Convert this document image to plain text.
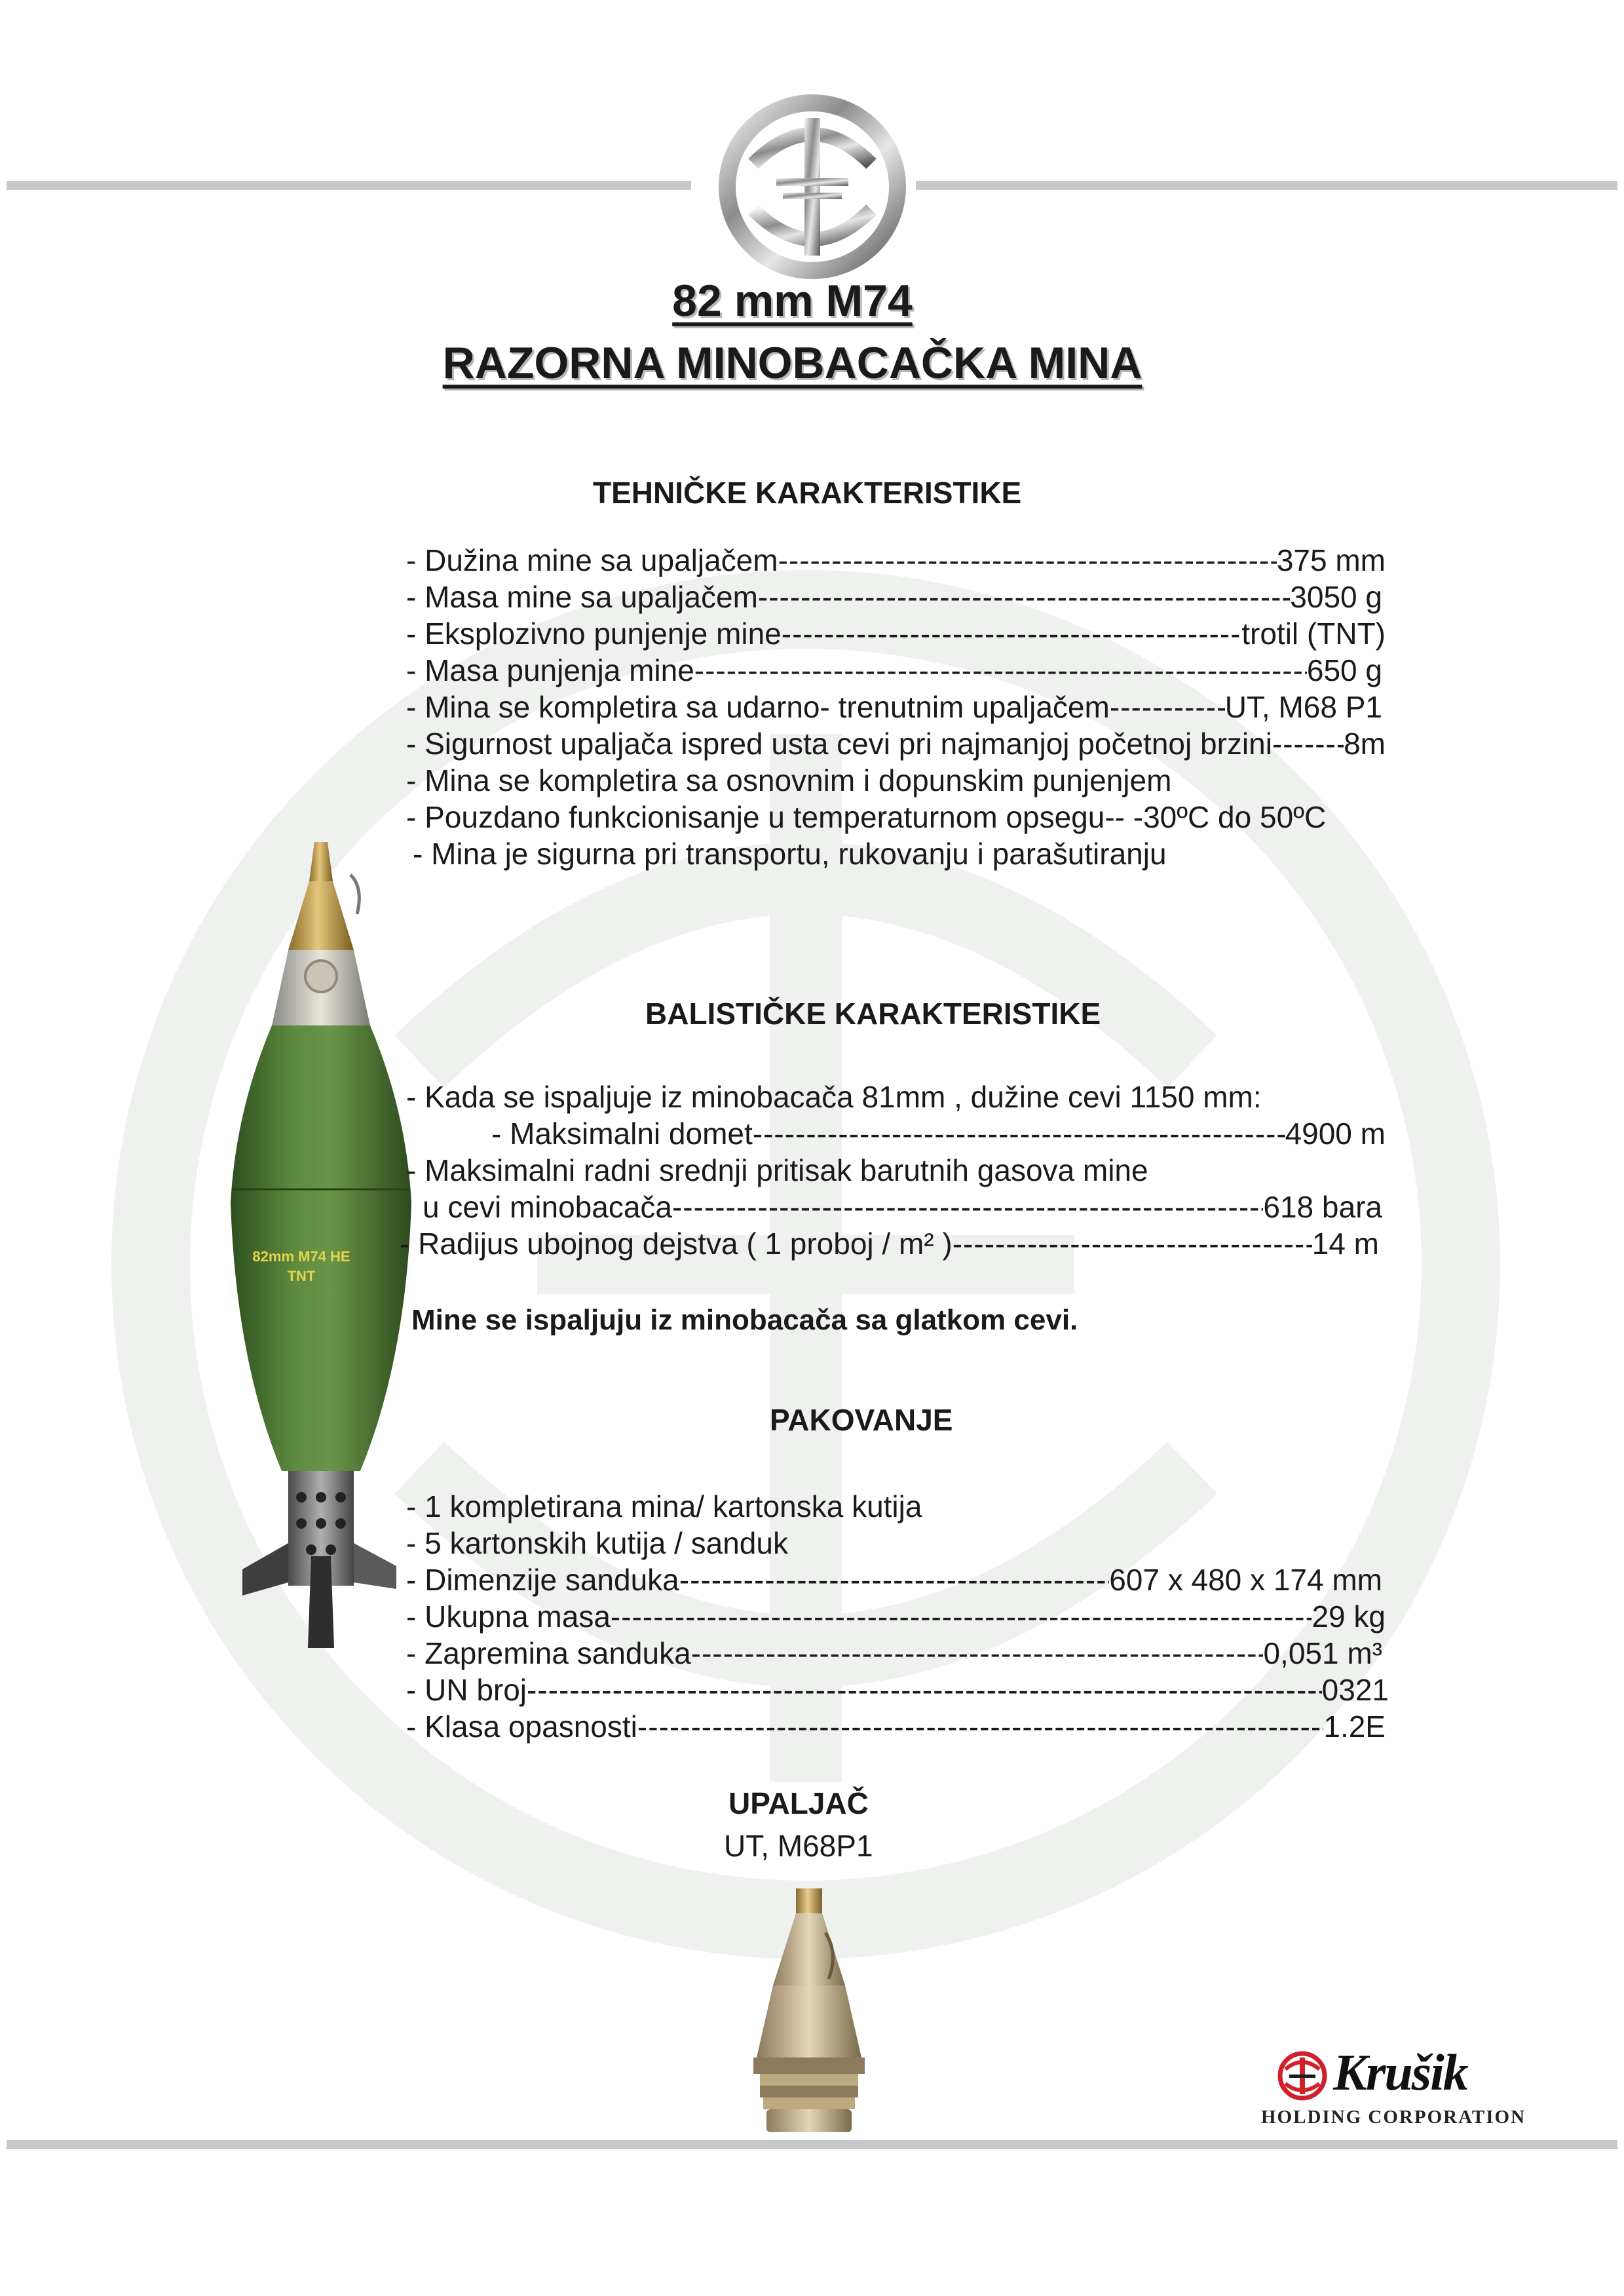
82 mm M74
RAZORNA MINOBACAČKA MINA
82mm M74 HE
TNT
TEHNIČKE KARAKTERISTIKE
- Dužina mine sa upaljačem -----	375 mm
- Masa mine sa upaljačem -----	3050 g
- Eksplozivno punjenje mine -----	trotil (TNT)
- Masa punjenja mine -----	650 g
- Mina se kompletira sa udarno- trenutnim upaljačem -----	UT, M68 P1
- Sigurnost upaljača ispred usta cevi pri najmanjoj početnoj brzini ----- 8m
- Mina se kompletira sa osnovnim i dopunskim punjenjem
- Pouzdano funkcionisanje u temperaturnom opsegu-- -30ºC do 50ºC
- Mina je sigurna pri transportu, rukovanju i parašutiranju
BALISTIČKE KARAKTERISTIKE
- Kada se ispaljuje iz minobacača 81mm , dužine cevi 1150 mm:
- Maksimalni domet -----	4900 m
- Maksimalni radni srednji pritisak barutnih gasova mine
u cevi minobacača -----	618 bara
- Radijus ubojnog dejstva ( 1 proboj / m² ) -----	14 m
Mine se ispaljuju iz minobacača sa glatkom cevi.
PAKOVANJE
- 1 kompletirana mina/ kartonska kutija
- 5 kartonskih kutija / sanduk
- Dimenzije sanduka -----	607 x 480 x 174 mm
- Ukupna masa -----	29 kg
- Zapremina sanduka -----	0,051 m³
- UN broj -----	0321
- Klasa opasnosti -----	1.2E
UPALJAČ
UT, M68P1
Krušik
HOLDING CORPORATION
